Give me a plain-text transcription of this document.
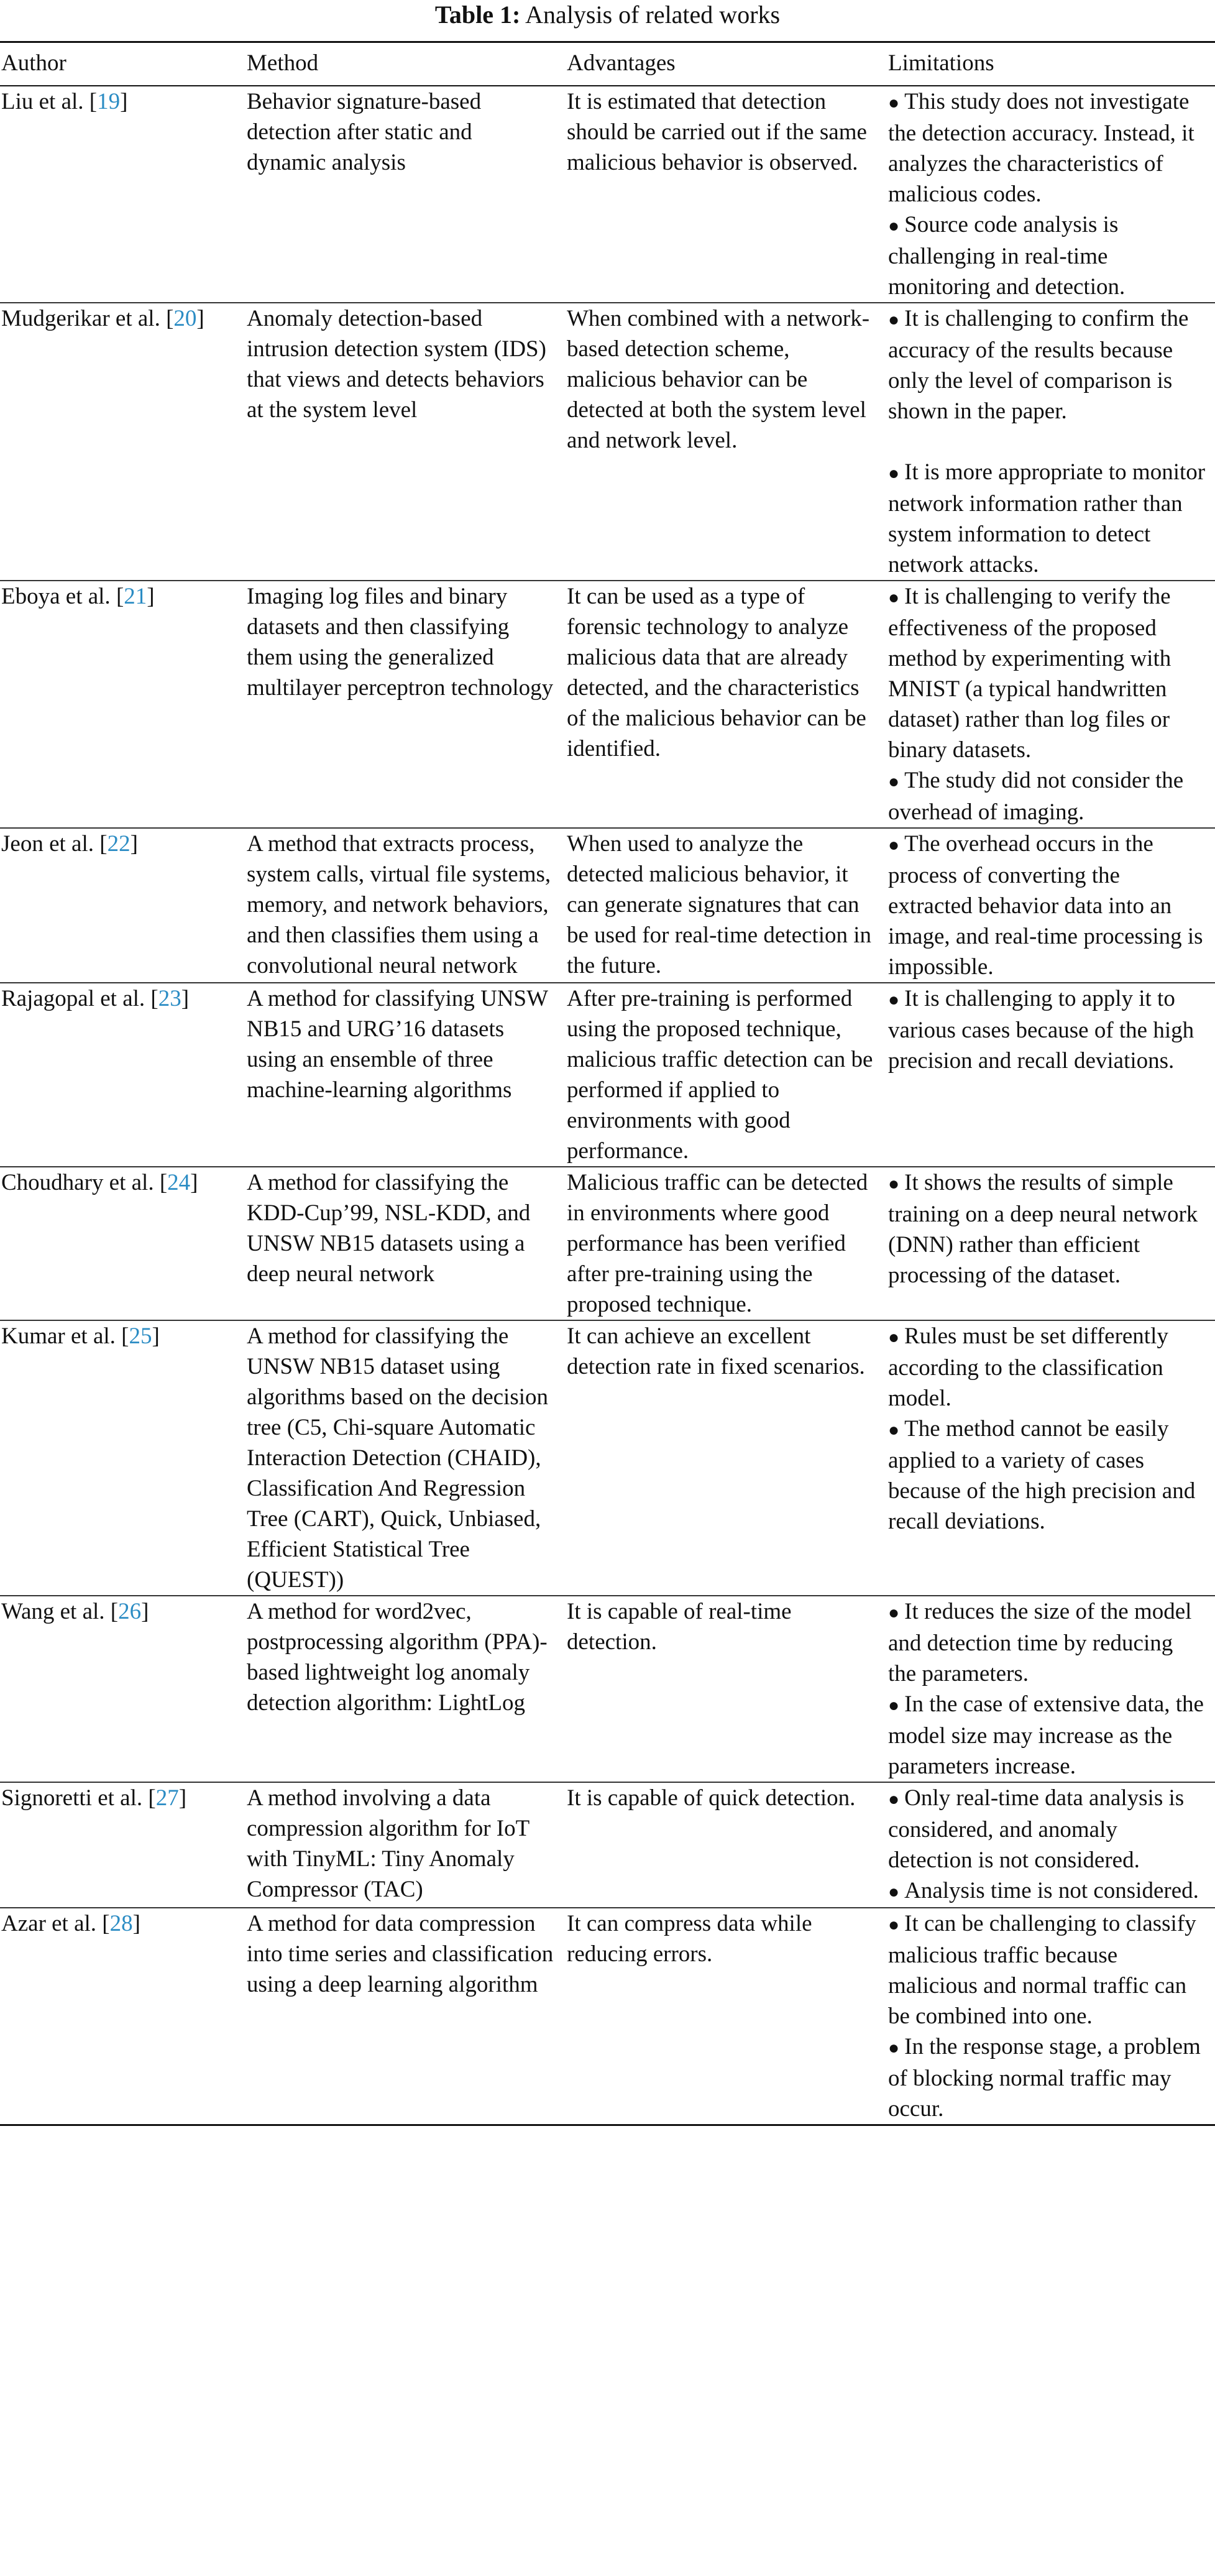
Table 1: Analysis of related works
Author	Method	Advantages	Limitations
Liu et al. [19]	Behavior signature-based detection after static and dynamic analysis	It is estimated that detection should be carried out if the same malicious behavior is observed.	● This study does not investigate the detection accuracy. Instead, it analyzes the characteristics of malicious codes.
● Source code analysis is challenging in real-time monitoring and detection.

Mudgerikar et al. [20]	Anomaly detection-based intrusion detection system (IDS) that views and detects behaviors at the system level	When combined with a network-based detection scheme, malicious behavior can be detected at both the system level and network level.	● It is challenging to confirm the accuracy of the results because only the level of comparison is shown in the paper.
● It is more appropriate to monitor network information rather than system information to detect network attacks.

Eboya et al. [21]	Imaging log files and binary datasets and then classifying them using the generalized multilayer perceptron technology	It can be used as a type of forensic technology to analyze malicious data that are already detected, and the characteristics of the malicious behavior can be identified.	● It is challenging to verify the effectiveness of the proposed method by experimenting with MNIST (a typical handwritten dataset) rather than log files or binary datasets.
● The study did not consider the overhead of imaging.

Jeon et al. [22]	A method that extracts process, system calls, virtual file systems, memory, and network behaviors, and then classifies them using a convolutional neural network	When used to analyze the detected malicious behavior, it can generate signatures that can be used for real-time detection in the future.	● The overhead occurs in the process of converting the extracted behavior data into an image, and real-time processing is impossible.

Rajagopal et al. [23]	A method for classifying UNSW NB15 and URG’16 datasets using an ensemble of three machine-learning algorithms	After pre-training is performed using the proposed technique, malicious traffic detection can be performed if applied to environments with good performance.	● It is challenging to apply it to various cases because of the high precision and recall deviations.

Choudhary et al. [24]	A method for classifying the KDD-Cup’99, NSL-KDD, and UNSW NB15 datasets using a deep neural network	Malicious traffic can be detected in environments where good performance has been verified after pre-training using the proposed technique.	● It shows the results of simple training on a deep neural network (DNN) rather than efficient processing of the dataset.

Kumar et al. [25]	A method for classifying the UNSW NB15 dataset using algorithms based on the decision tree (C5, Chi-square Automatic Interaction Detection (CHAID), Classification And Regression Tree (CART), Quick, Unbiased, Efficient Statistical Tree (QUEST))	It can achieve an excellent detection rate in fixed scenarios.	● Rules must be set differently according to the classification model.
● The method cannot be easily applied to a variety of cases because of the high precision and recall deviations.

Wang et al. [26]	A method for word2vec, postprocessing algorithm (PPA)-based lightweight log anomaly detection algorithm: LightLog	It is capable of real-time detection.	● It reduces the size of the model and detection time by reducing the parameters.
● In the case of extensive data, the model size may increase as the parameters increase.

Signoretti et al. [27]	A method involving a data compression algorithm for IoT with TinyML: Tiny Anomaly Compressor (TAC)	It is capable of quick detection.	● Only real-time data analysis is considered, and anomaly detection is not considered.
● Analysis time is not considered.

Azar et al. [28]	A method for data compression into time series and classification using a deep learning algorithm	It can compress data while reducing errors.	● It can be challenging to classify malicious traffic because malicious and normal traffic can be combined into one.
● In the response stage, a problem of blocking normal traffic may occur.
